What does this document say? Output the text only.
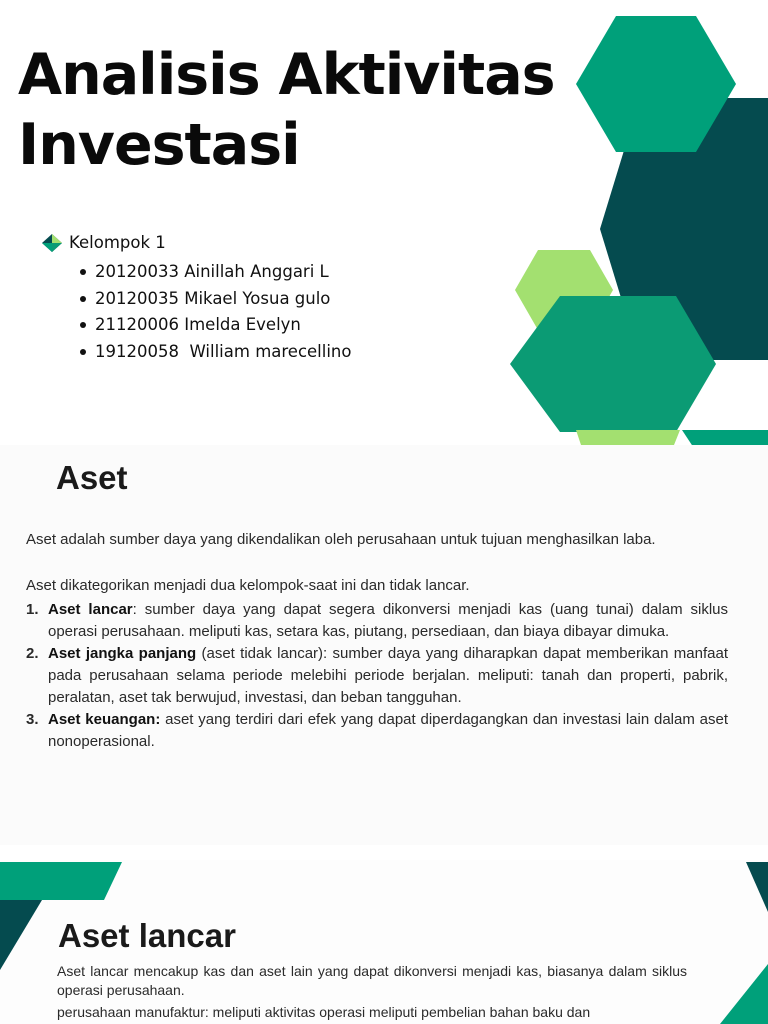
Analisis Aktivitas
Investasi
Kelompok 1
20120033 Ainillah Anggari L
20120035 Mikael Yosua gulo
21120006 Imelda Evelyn
19120058  William marecellino
Aset

Aset adalah sumber daya yang dikendalikan oleh perusahaan untuk tujuan menghasilkan laba.

Aset dikategorikan menjadi dua kelompok-saat ini dan tidak lancar.

1. Aset lancar: sumber daya yang dapat segera dikonversi menjadi kas (uang tunai) dalam siklus operasi perusahaan. meliputi kas, setara kas, piutang, persediaan, dan biaya dibayar dimuka.
2. Aset jangka panjang (aset tidak lancar): sumber daya yang diharapkan dapat memberikan manfaat pada perusahaan selama periode melebihi periode berjalan. meliputi: tanah dan properti, pabrik, peralatan, aset tak berwujud, investasi, dan beban tangguhan.
3. Aset keuangan: aset yang terdiri dari efek yang dapat diperdagangkan dan investasi lain dalam aset nonoperasional.
Aset lancar

Aset lancar mencakup kas dan aset lain yang dapat dikonversi menjadi kas, biasanya dalam siklus operasi perusahaan.

perusahaan manufaktur: meliputi aktivitas operasi meliputi pembelian bahan baku dan
